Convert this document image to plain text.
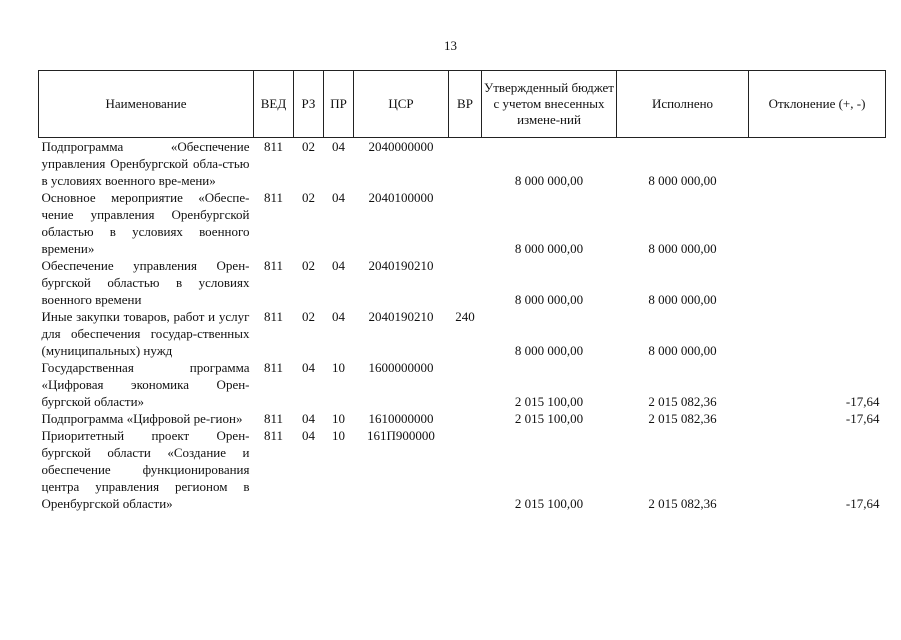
13
Наименование	ВЕД	РЗ	ПР	ЦСР	ВР	Утвержденный бюджет с учетом внесенных измене-ний	Исполнено	Отклонение (+, -)
Подпрограмма «Обеспечение управления Оренбургской обла-стью в условиях военного вре-мени»	811	02	04	2040000000		8 000 000,00	8 000 000,00	
Основное мероприятие «Обеспе-чение управления Оренбургской областью в условиях военного времени»	811	02	04	2040100000		8 000 000,00	8 000 000,00	
Обеспечение управления Орен-бургской областью в условиях военного времени	811	02	04	2040190210		8 000 000,00	8 000 000,00	
Иные закупки товаров, работ и услуг для обеспечения государ-ственных (муниципальных) нужд	811	02	04	2040190210	240	8 000 000,00	8 000 000,00	
Государственная программа «Цифровая экономика Орен-бургской области»	811	04	10	1600000000		2 015 100,00	2 015 082,36	-17,64
Подпрограмма «Цифровой ре-гион»	811	04	10	1610000000		2 015 100,00	2 015 082,36	-17,64
Приоритетный проект Орен-бургской области «Создание и обеспечение функционирования центра управления регионом в Оренбургской области»	811	04	10	161П900000		2 015 100,00	2 015 082,36	-17,64
